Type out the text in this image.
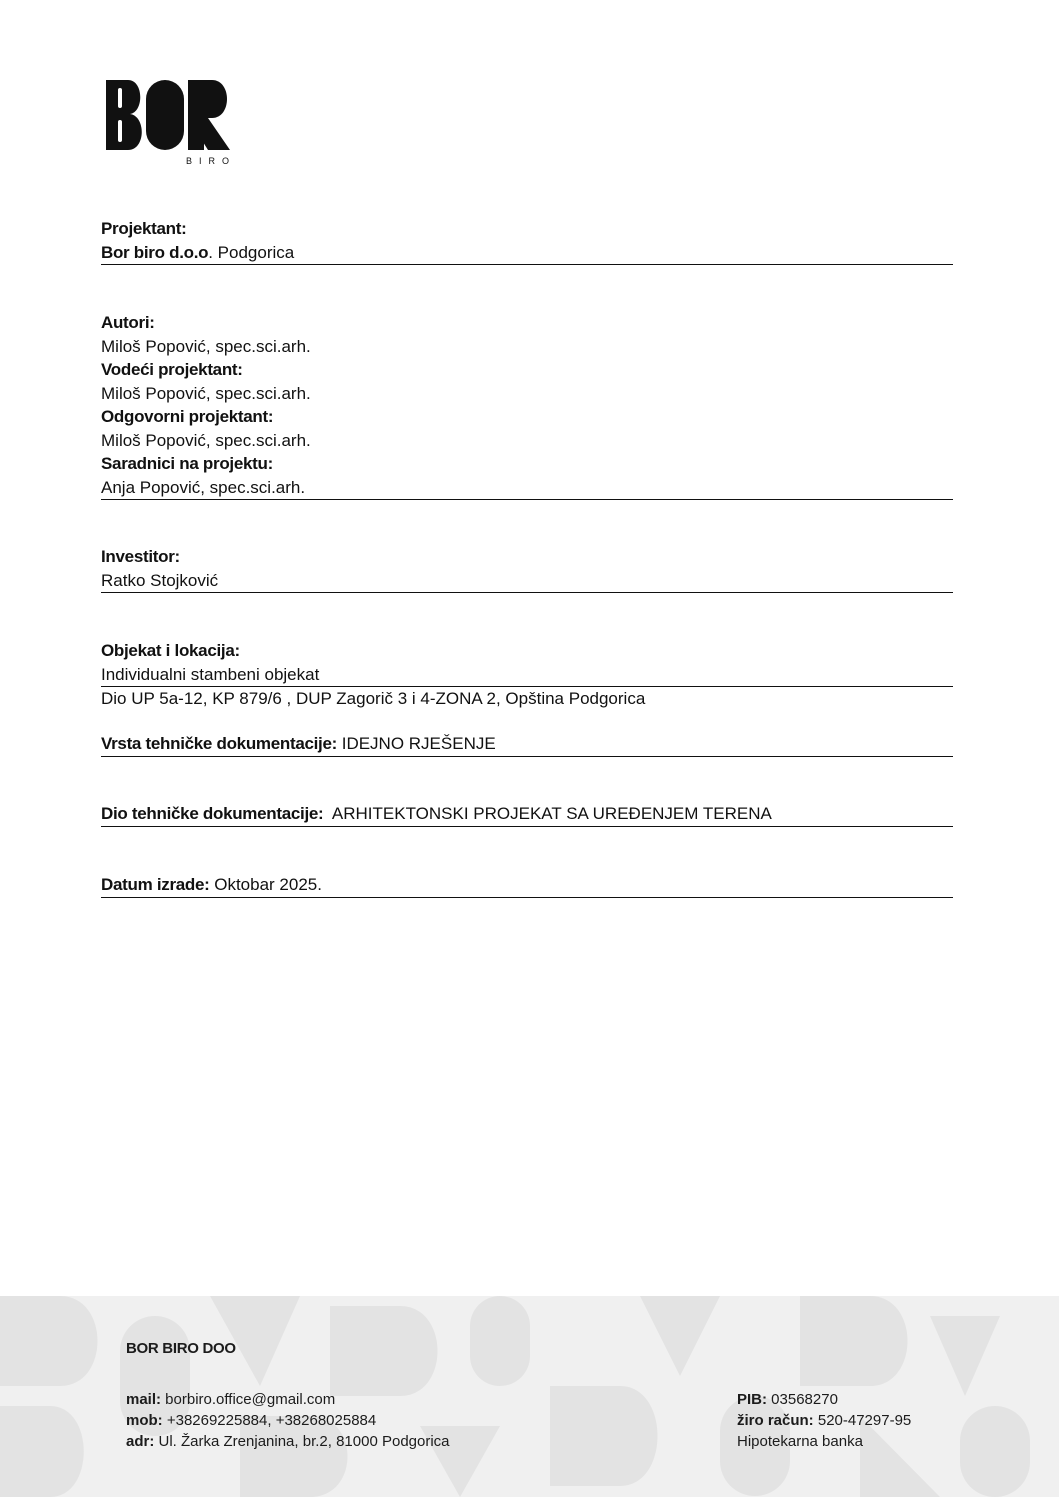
BIRO
Projektant:
Bor biro d.o.o. Podgorica
Autori:
Miloš Popović, spec.sci.arh.
Vodeći projektant:
Miloš Popović, spec.sci.arh.
Odgovorni projektant:
Miloš Popović, spec.sci.arh.
Saradnici na projektu:
Anja Popović, spec.sci.arh.
Investitor:
Ratko Stojković
Objekat i lokacija:
Individualni stambeni objekat
Dio UP 5a-12, KP 879/6 , DUP Zagorič 3 i 4-ZONA 2, Opština Podgorica
Vrsta tehničke dokumentacije: IDEJNO RJEŠENJE
Dio tehničke dokumentacije:  ARHITEKTONSKI PROJEKAT SA UREĐENJEM TERENA
Datum izrade: Oktobar 2025.
BOR BIRO DOO
mail: borbiro.office@gmail.com
mob: +38269225884, +38268025884
adr: Ul. Žarka Zrenjanina, br.2, 81000 Podgorica
PIB: 03568270
žiro račun: 520-47297-95
Hipotekarna banka
